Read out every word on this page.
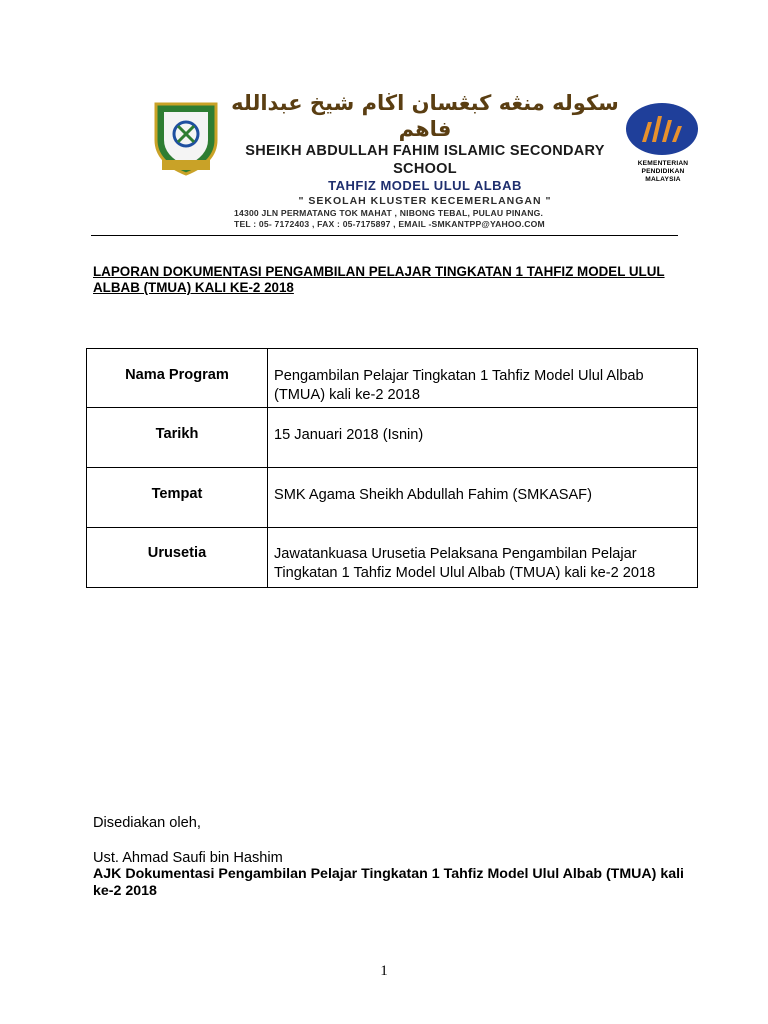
سکوله منڠه کبڠسان اڬام شيخ عبدالله فاهم
SHEIKH ABDULLAH FAHIM ISLAMIC SECONDARY SCHOOL
TAHFIZ MODEL ULUL ALBAB
" SEKOLAH KLUSTER KECEMERLANGAN "
14300 JLN PERMATANG TOK MAHAT , NIBONG TEBAL, PULAU PINANG.
TEL : 05- 7172403 , FAX : 05-7175897 , EMAIL -SMKANTPP@YAHOO.COM
KEMENTERIAN PENDIDIKAN MALAYSIA
LAPORAN DOKUMENTASI PENGAMBILAN PELAJAR TINGKATAN 1 TAHFIZ MODEL ULUL ALBAB (TMUA) KALI KE-2 2018
Nama Program	Pengambilan Pelajar Tingkatan 1 Tahfiz Model Ulul Albab (TMUA) kali ke-2 2018
Tarikh	15 Januari 2018 (Isnin)
Tempat	SMK Agama Sheikh Abdullah Fahim (SMKASAF)
Urusetia	Jawatankuasa Urusetia Pelaksana Pengambilan Pelajar Tingkatan 1 Tahfiz Model Ulul Albab (TMUA) kali ke-2 2018
Disediakan oleh,
Ust. Ahmad Saufi bin Hashim
AJK Dokumentasi Pengambilan Pelajar Tingkatan 1 Tahfiz Model Ulul Albab (TMUA) kali ke-2 2018
1
